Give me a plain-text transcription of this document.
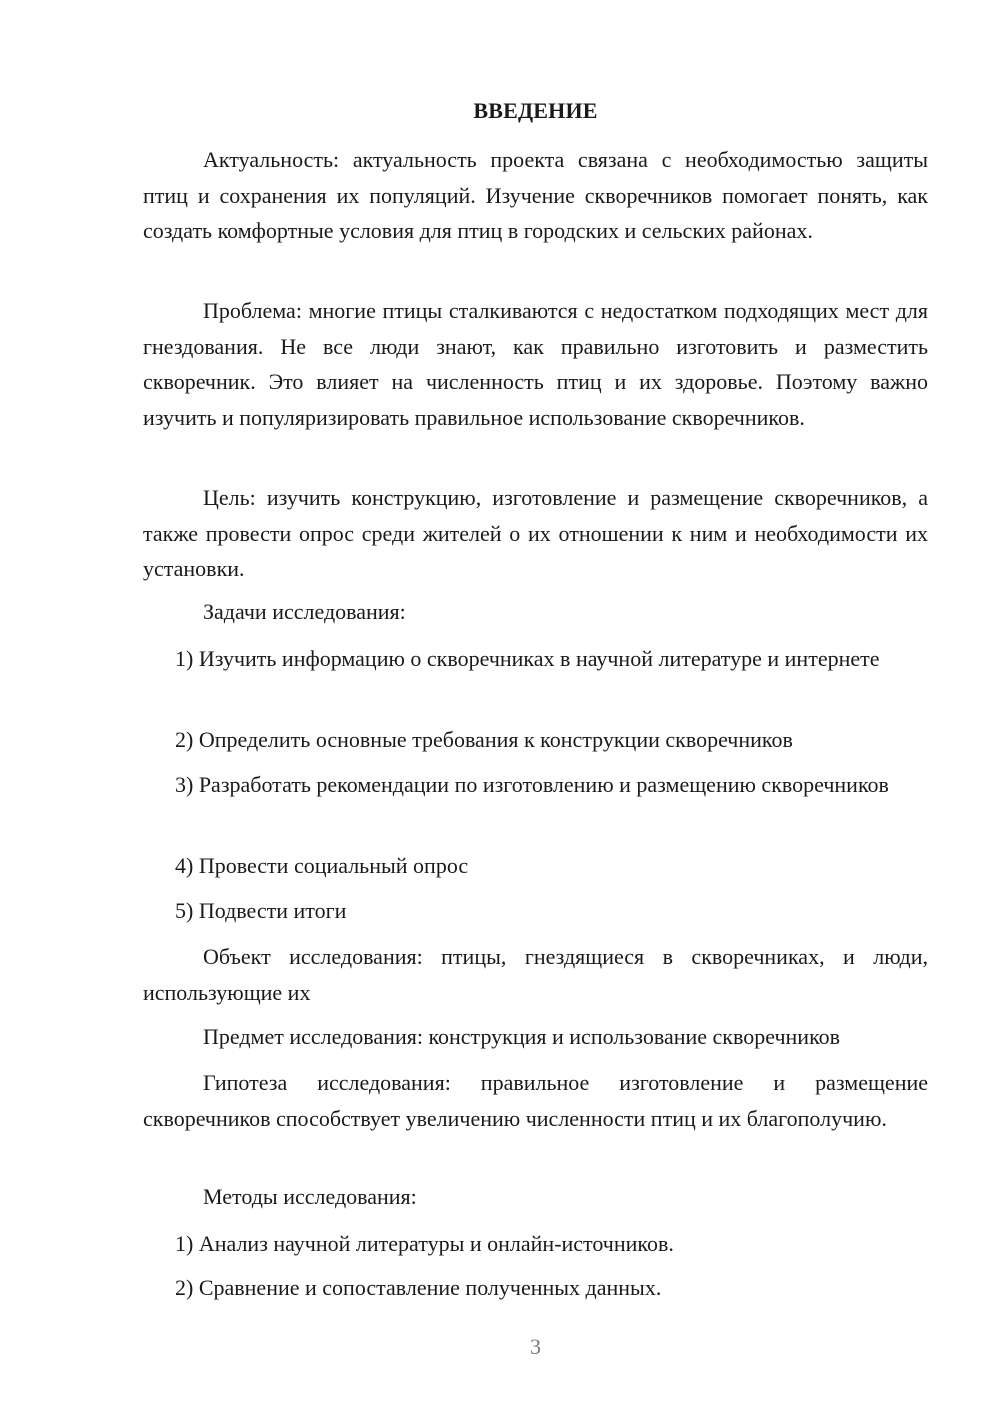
ВВЕДЕНИЕ

Актуальность: актуальность проекта связана с необходимостью защиты птиц и сохранения их популяций. Изучение скворечников помогает понять, как создать комфортные условия для птиц в городских и сельских районах.

Проблема: многие птицы сталкиваются с недостатком подходящих мест для гнездования. Не все люди знают, как правильно изготовить и разместить скворечник. Это влияет на численность птиц и их здоровье. Поэтому важно изучить и популяризировать правильное использование скворечников.

Цель: изучить конструкцию, изготовление и размещение скворечников, а также провести опрос среди жителей о их отношении к ним и необходимости их установки.

Задачи исследования:

1) Изучить информацию о скворечниках в научной литературе и интернете

2) Определить основные требования к конструкции скворечников

3) Разработать рекомендации по изготовлению и размещению скворечников

4) Провести социальный опрос

5) Подвести итоги

Объект исследования: птицы, гнездящиеся в скворечниках, и люди, использующие их

Предмет исследования: конструкция и использование скворечников

Гипотеза исследования: правильное изготовление и размещение скворечников способствует увеличению численности птиц и их благополучию.

Методы исследования:

1) Анализ научной литературы и онлайн-источников.

2) Сравнение и сопоставление полученных данных.

3
